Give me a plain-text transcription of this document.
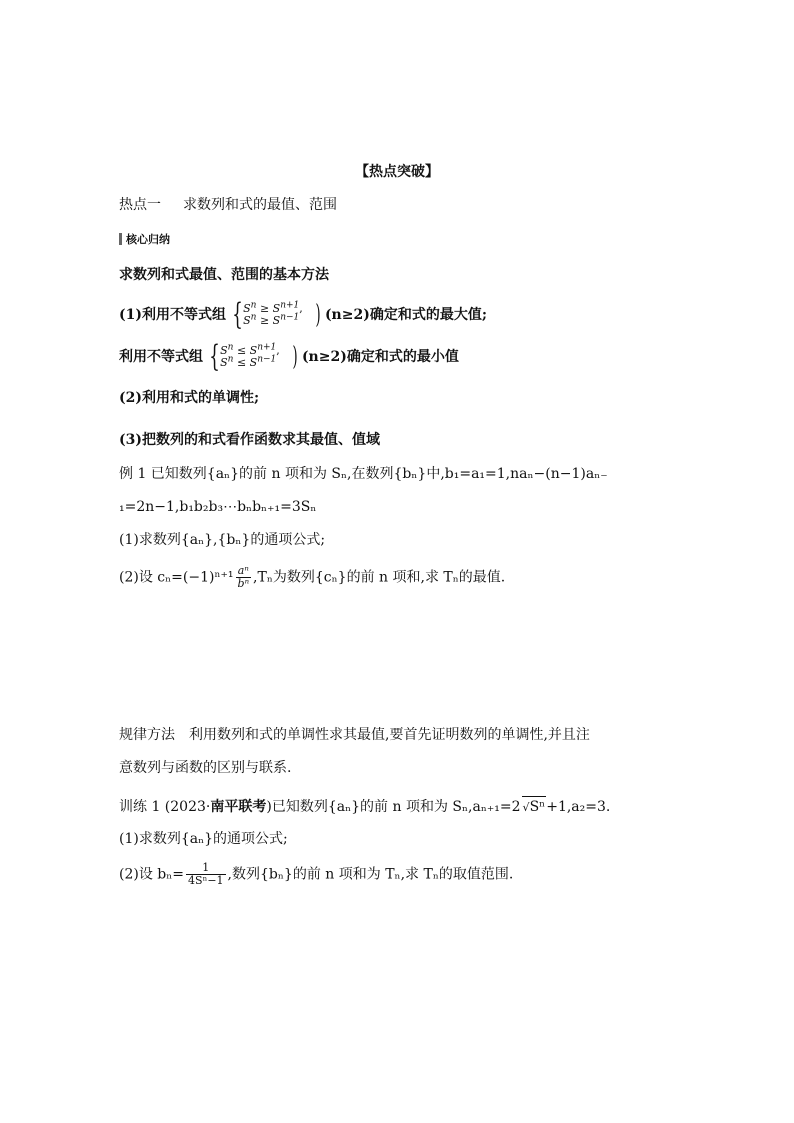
【热点突破】
热点一 求数列和式的最值、范围
核心归纳
求数列和式最值、范围的基本方法
(1)利用不等式组 { $S^n \ge S^{n+1}$,
$S^n \ge S^{n-1}$ ) (n≥2)确定和式的最大值;
利用不等式组 { $S^n \le S^{n+1}$,
$S^n \le S^{n-1}$ ) (n≥2)确定和式的最小值
(2)利用和式的单调性;
(3)把数列的和式看作函数求其最值、值域
例 1 已知数列{aₙ}的前 n 项和为 Sₙ,在数列{bₙ}中,b₁=a₁=1,naₙ−(n−1)aₙ₋
₁=2n−1,b₁b₂b₃⋯bₙbₙ₊₁=3Sₙ
(1)求数列{aₙ},{bₙ}的通项公式;
(2)设 $c_n=(-1)^{n+1} \frac{\text{aⁿ}}{\text{bⁿ}} ,T_n$为数列{cₙ}的前 n 项和,求 Tₙ的最值.
规律方法 利用数列和式的单调性求其最值,要首先证明数列的单调性,并且注
意数列与函数的区别与联系.
训练 1 (2023·南平联考)已知数列{aₙ}的前 n 项和为 Sₙ,aₙ₊₁=2 √Sⁿ+1,a₂=3.
(1)求数列{aₙ}的通项公式;
(2)设 $b_n= \frac{1}{\text{4Sⁿ−1}}$ ,数列{bₙ}的前 n 项和为 Tₙ,求 Tₙ的取值范围.
